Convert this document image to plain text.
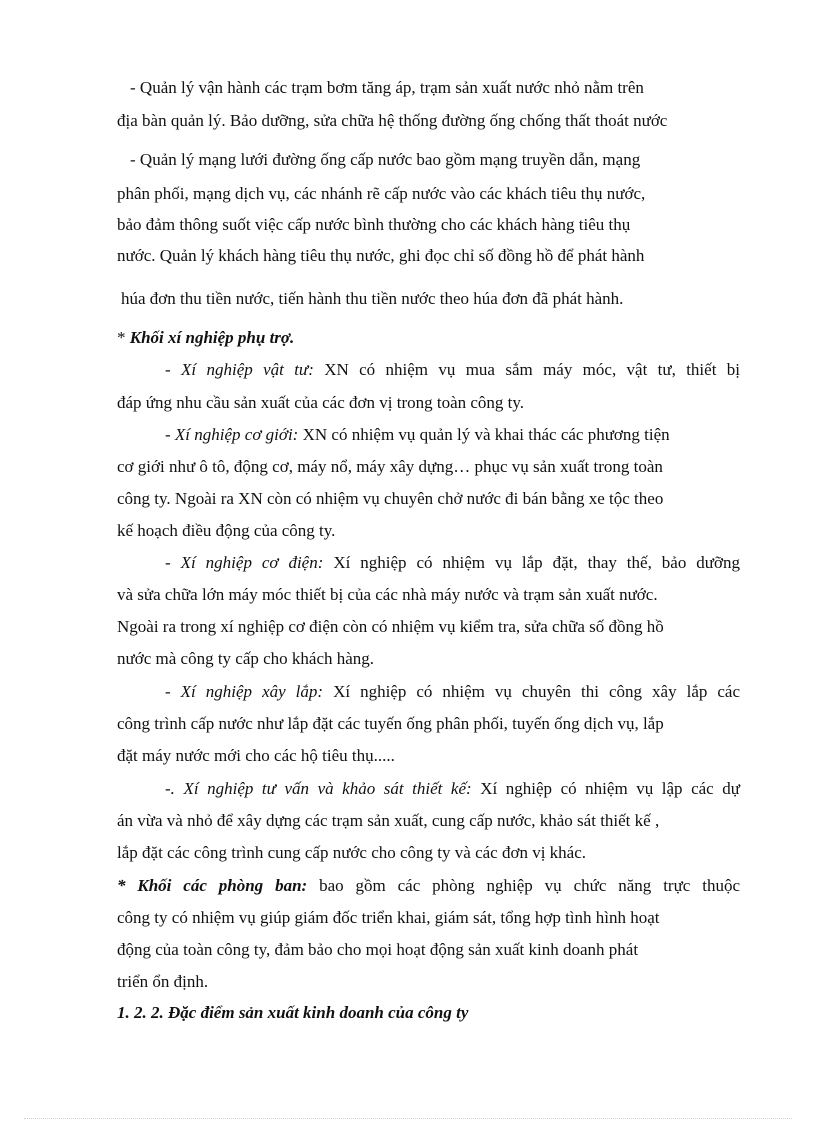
- Quản lý vận hành các trạm bơm tăng áp, trạm sản xuất nước nhỏ nằm trên
địa bàn quản lý. Bảo dưỡng, sửa chữa hệ thống đường ống chống thất thoát nước
- Quản lý mạng lưới đường ống cấp nước bao gồm mạng truyền dẫn, mạng
phân phối, mạng dịch vụ, các nhánh rẽ cấp nước vào các khách tiêu thụ nước,
bảo đảm thông suốt việc cấp nước bình thường cho các khách hàng tiêu thụ
nước. Quản lý khách hàng tiêu thụ nước, ghi đọc chỉ số đồng hồ để phát hành
húa đơn thu tiền nước, tiến hành thu tiền nước theo húa đơn đã phát hành.
* Khối xí nghiệp phụ trợ.
- Xí nghiệp vật tư: XN có nhiệm vụ mua sắm máy móc, vật tư, thiết bị
đáp ứng nhu cầu sản xuất của các đơn vị trong toàn công ty.
- Xí nghiệp cơ giới: XN có nhiệm vụ quản lý và khai thác các phương tiện
cơ giới như ô tô, động cơ, máy nổ, máy xây dựng… phục vụ sản xuất trong toàn
công ty. Ngoài ra XN còn có nhiệm vụ chuyên chở nước đi bán bằng xe tộc theo
kế hoạch điều động của công ty.
- Xí nghiệp cơ điện: Xí nghiệp có nhiệm vụ lắp đặt, thay thế, bảo dưỡng
và sửa chữa lớn máy móc thiết bị của các nhà máy nước và trạm sản xuất nước.
Ngoài ra trong xí nghiệp cơ điện còn có nhiệm vụ kiểm tra, sửa chữa số đồng hồ
nước mà công ty cấp cho khách hàng.
- Xí nghiệp xây lắp: Xí nghiệp có nhiệm vụ chuyên thi công xây lắp các
công trình cấp nước như lắp đặt các tuyến ống phân phối, tuyến ống dịch vụ, lắp
đặt máy nước mới cho các hộ tiêu thụ.....
-. Xí nghiệp tư vấn và khảo sát thiết kế: Xí nghiệp có nhiệm vụ lập các dự
án vừa và nhỏ để xây dựng các trạm sản xuất, cung cấp nước, khảo sát thiết kế ,
lắp đặt các công trình cung cấp nước cho công ty và các đơn vị khác.
* Khối các phòng ban: bao gồm các phòng nghiệp vụ chức năng trực thuộc
công ty có nhiệm vụ giúp giám đốc triển khai, giám sát, tổng hợp tình hình hoạt
động của toàn công ty, đảm bảo cho mọi hoạt động sản xuất kinh doanh phát
triển ổn định.
1. 2. 2. Đặc điểm sản xuất kinh doanh của công ty
